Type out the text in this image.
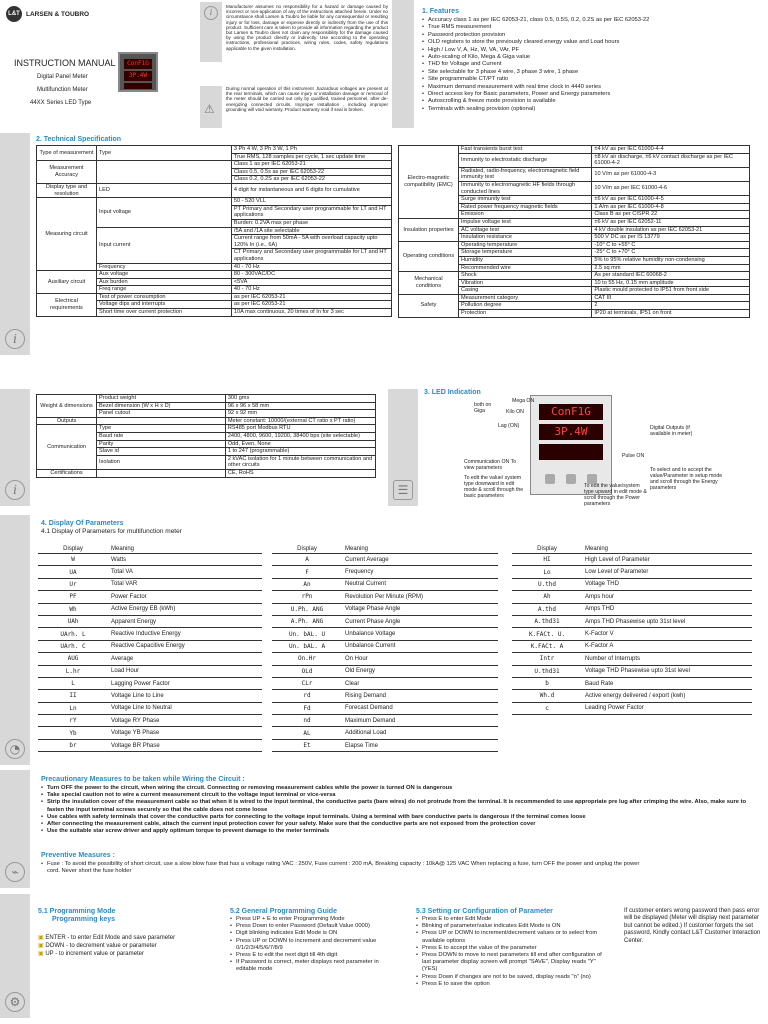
L&T LARSEN & TOUBRO
INSTRUCTION MANUAL
Digital Panel Meter
Multifunction Meter
44XX Series LED Type
ConF1G
3P.4W
i
⚠
Manufacturer assumes no responsibility for a hazard or damage caused by incorrect or non-application of any of the instructions attached herein. Under no circumstance shall Larsen & Toubro be liable for any consequential or resulting injury or for loss, damage or expense directly or indirectly from the use of this product. Sufficient care is taken to provide all information regarding the product but Larsen & Toubro does not claim any responsibility for the damage caused by using the product directly or indirectly. Use according to the operating instructions, professional practices, wiring rules, codes, safety regulations applicable to the given installation.
During normal operation of this instrument ,hazardous voltages are present at the rear terminals, which can cause injury or installation damage or removal of the meter should be carried out only by qualified, trained personnel, after de-energizing connected circuits. Improper installation , including improper grounding will void warranty. Product warranty void if seal is broken.
1. Features
• Accuracy class 1 as per IEC 62053-21, class 0.5, 0.5S, 0.2, 0.2S as per IEC 62053-22
• True RMS measurement
• Password protection provision
• OLD registers to store the previously cleared energy value and Load hours
• High / Low V, A, Hz, W, VA, VAr, PF
• Auto-scaling of Kilo, Mega & Giga value
• THD for Voltage and Current
• Site selectable for 3 phase 4 wire, 3 phase 3 wire, 1 phase
• Site programmable CT/PT ratio
• Maximum demand measurement with real time clock in 4440 series
• Direct access key for Basic parameters, Power and Energy parameters
• Autoscrolling & freeze mode provision is available
• Terminals with sealing provision (optional)
i
2. Technical Specification
Type of measurement	Type	3 Ph 4 W, 3 Ph 3 W, 1 Ph
		True RMS, 128 samples per cycle, 1 sec update time
Measurement Accuracy		Class 1 as per IEC 62053-21
		Class 0.5, 0.5s as per IEC 62053-22
		Class 0.2, 0.2S as per IEC 62053-22
Display type and resolution	LED	4 digit for instantaneous and 6 digits for cumulative
Measuring circuit	Input voltage	50 - 520 VLL
		PT Primary and Secondary user programmable for LT and HT applications
		Burden: 0.2VA max per phase
	Input current	/5A and /1A site selectable
		Current range from 50mA - 5A with overload capacity upto 120% In (i.e., 6A)
		CT Primary and Secondary user programmable for LT and HT applications
	Frequency	40 - 70 Hz
Auxiliary circuit	Aux voltage	80 - 300VAC/DC
	Aux burden	<5VA
	Freq range	40 - 70 Hz
Electrical requirements	Test of power consumption	as per IEC 62053-21
	Voltage dips and interrupts	as per IEC 62053-21
	Short time over current protection	10A max continuous, 20 times of In for 3 sec
Electro-magnetic compatibility (EMC)	Fast transients burst test	±4 kV as per IEC 61000-4-4
	Immunity to electrostatic discharge	±8 kV air discharge, ±6 kV contact discharge as per IEC 61000-4-2
	Radiated, radio-frequency, electromagnetic field immunity test	10 V/m as per 61000-4-3
	Immunity to electromagnetic HF fields through conducted lines	10 V/m as per IEC 61000-4-6
	Surge immunity test	±6 kV as per IEC 61000-4-5
	Rated power frequency magnetic fields	1 A/m as per IEC 61000-4-8
	Emission	Class B as per CISPR 22
Insulation properties	Impulse voltage test	±6 kV as per IEC 62052-11
	AC voltage test	4 kV double insulation as per IEC 62053-21
	Insulation resistance	500 V DC as per IS 13779
Operating conditions	Operating temperature	-10° C to +55° C
	Storage temperature	-25° C to +70° C
	Humidity	5% to 95% relative humidity non-condensing
	Recommended wire	2.5 sq mm
Mechanical conditions	Shock	As per standard IEC 60068-2
	Vibration	10 to 55 Hz, 0.15 mm amplitude
	Casing	Plastic mould protected to IP51 from front side
Safety	Measurement category	CAT III
	Pollution degree	2
	Protection	IP20 at terminals, IP51 on front
i
Weight & dimensions	Product weight	300 gms
	Bezel dimension (W x H x D)	96 x 96 x 58 mm
	Panel cutout	92 x 92 mm
Outputs		Meter constant: 10000/(external CT ratio x PT ratio)
Communication	Type	RS485 port Modbus RTU
	Baud rate	2400, 4800, 9600, 19200, 38400 bps (site selectable)
	Parity	Odd, Even, None
	Slave id	1 to 247 (programmable)
	Isolation	2 kVAC isolation for 1 minute between communication and other circuits
Certifications		CE, RoHS
☰
3. LED Indication
ConF1G
3P.4W
Mega ON
both on Giga	Kilo ON
Lag (ON)
Communication ON To view parameters
To edit the value/ system type downward in edit mode & scroll through the basic parameters
Digital Outputs (if available in meter)
Pulse ON
To select and to accept the value/Parameter in setup mode and scroll through the Energy parameters
To edit the value/system type upward in edit mode & scroll through the Power parameters
◔
4. Display Of Parameters
4.1 Display of Parameters for multifunction meter
Display	Meaning
W	Watts
UA	Total VA
Ur	Total VAR
PF	Power Factor
Wh	Active Energy EB (kWh)
UAh	Apparent Energy
UArh. L	Reactive Inductive Energy
UArh. C	Reactive Capacitive Energy
AUG	Average
L.hr	Load Hour
L	Lagging Power Factor
II	Voltage Line to Line
Ln	Voltage Line to Neutral
rY	Voltage RY Phase
Yb	Voltage YB Phase
br	Voltage BR Phase
Display	Meaning
A	Current Average
F	Frequency
An	Neutral Current
rPn	Revolution Per Minute (RPM)
U.Ph. ANG	Voltage Phase Angle
A.Ph. ANG	Current Phase Angle
Un. bAL. U	Unbalance Voltage
Un. bAL. A	Unbalance Current
On.Hr	On Hour
OLd	Old Energy
CLr	Clear
rd	Rising Demand
Fd	Forecast Demand
nd	Maximum Demand
AL	Additional Load
Et	Elapse Time
Display	Meaning
HI	High Level of Parameter
Lo	Low Level of Parameter
U.thd	Voltage THD
Ah	Amps hour
A.thd	Amps THD
A.thd31	Amps THD Phasewise upto 31st level
K.FACt. U.	K-Factor V
K.FACt. A	K-Factor A
Intr	Number of Interrupts
U.thd31	Voltage THD Phasewise upto 31st level
b	Baud Rate
Wh.d	Active energy delivered / export (kwh)
c	Leading Power Factor
⌁
Precautionary Measures to be taken while Wiring the Circuit :
• Turn OFF the power to the circuit, when wiring the circuit. Connecting or removing measurement cables while the power is turned ON is dangerous
• Take special caution not to wire a current measurement circuit to the voltage input terminal or vice-versa
• Strip the insulation cover of the measurement cable so that when it is wired to the input terminal, the conductive parts (bare wires) do not protrude from the terminal. It is recommended to use appropriate pre lug after crimping the wire. Also, make sure to fasten the input terminal screws securely so that the cable does not come loose
• Use cables with safety terminals that cover the conductive parts for connecting to the voltage input terminals. Using a terminal with bare conductive parts is dangerous if the terminal comes loose
• After connecting the measurement cable, attach the current input protection cover for your safety. Make sure that the conductive parts are not exposed from the protection cover
• Use the suitable star screw driver and apply optimum torque to prevent damage to the meter terminals
Preventive Measures :
• Fuse : To avoid the possibility of short circuit, use a slow blow fuse that has a voltage rating VAC : 250V, Fuse current : 200 mA, Breaking capacity : 10kA@ 125 VAC When replacing a fuse, turn OFF the power and unplug the power cord. Never short the fuse holder
⚙
5.1 Programming Mode
Programming keys
▣ ENTER - to enter Edit Mode and save parameter
▣ DOWN - to decrement value or parameter
▣ UP - to increment value or parameter
5.2 General Programming Guide
• Press UP + E to enter Programming Mode
• Press Down to enter Password (Default Value 0000)
• Digit blinking indicates Edit Mode is ON
• Press UP or DOWN to increment and decrement value 0/1/2/3/4/5/6/7/8/9
• Press E to edit the next digit till 4th digit
• If Password is correct, meter displays next parameter in editable mode
5.3 Setting or Configuration of Parameter
• Press E to enter Edit Mode
• Blinking of parameter/value indicates Edit Mode is ON
• Press UP or DOWN to increment/decrement values or to select from available options
• Press E to accept the value of the parameter
• Press DOWN to move to next parameters till end after configuration of last parameter display screen will prompt "SAVE", Display reads "Y" (YES)
• Press Down if changes are not to be saved, display reads "n" (no)
• Press E to save the option
If customer enters wrong password then pass error will be displayed (Meter will display next parameter but cannot be edited.) If customer forgets the set password, Kindly contact L&T Customer Interaction Center.
